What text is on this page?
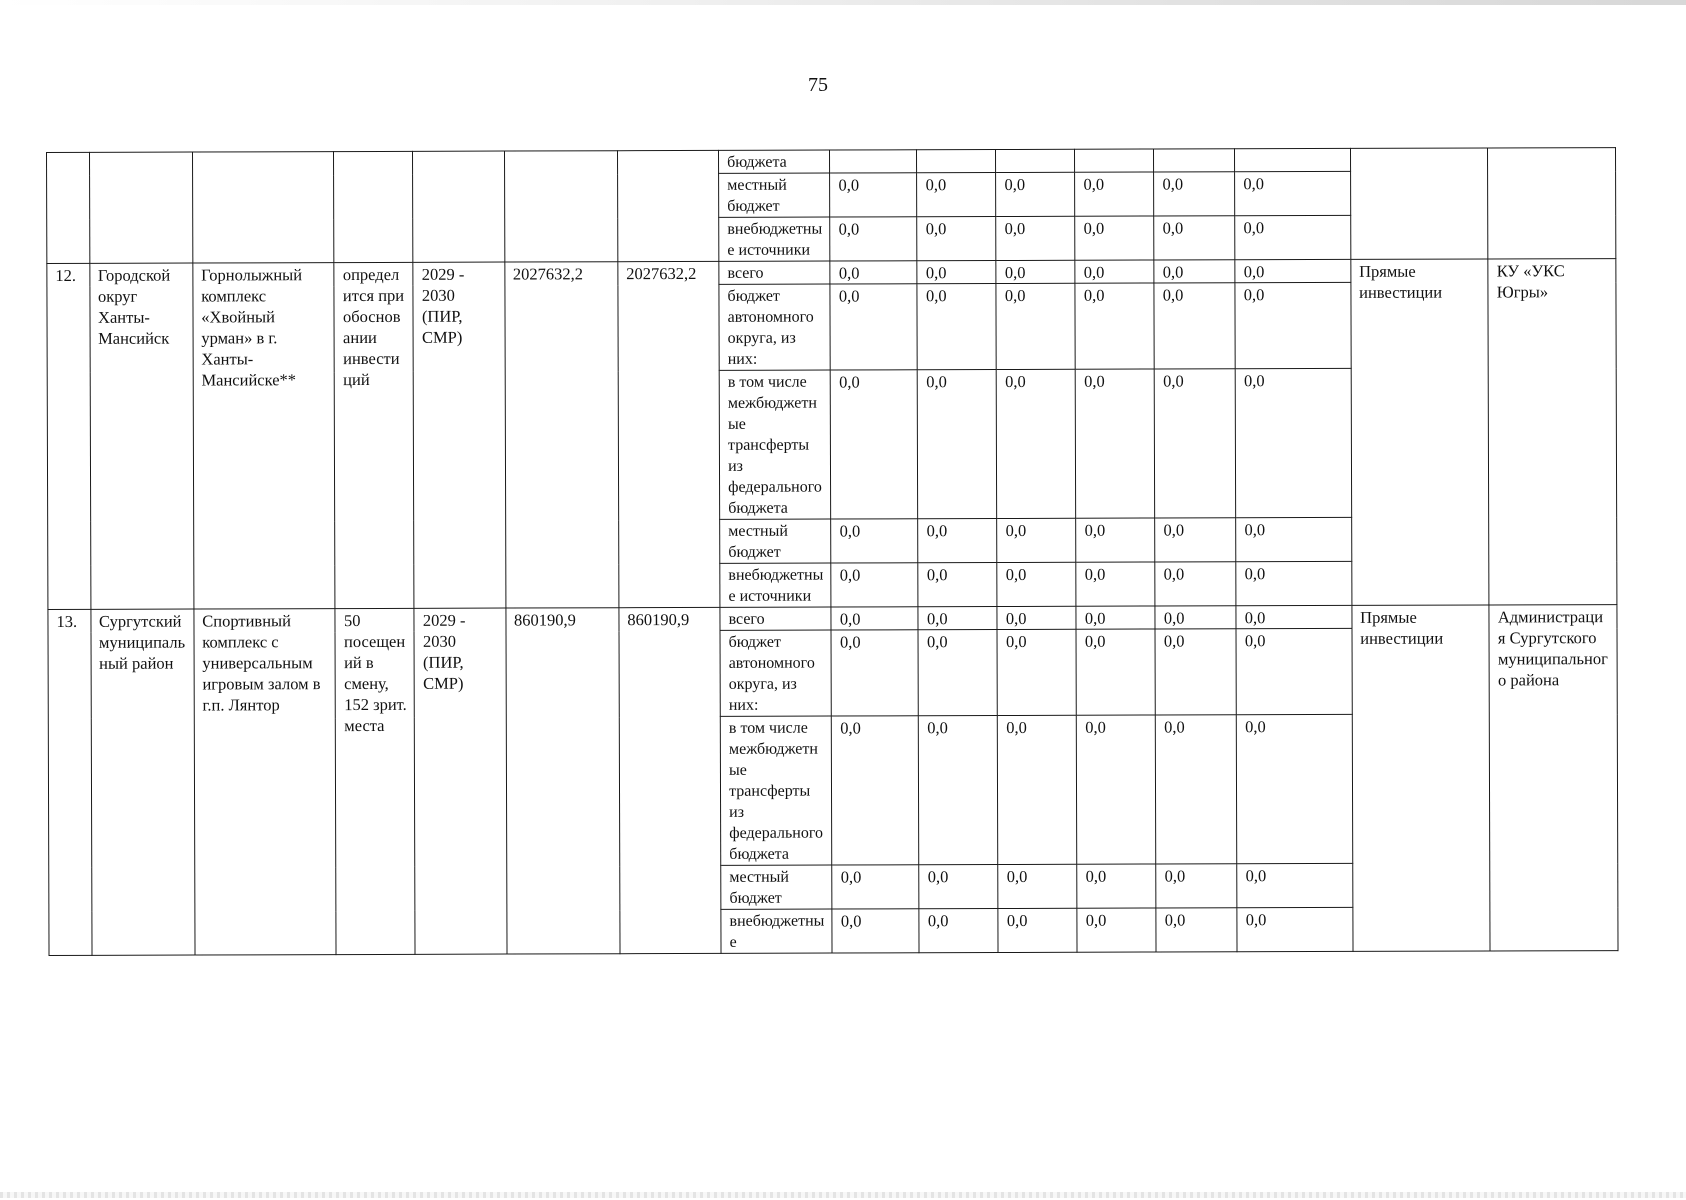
75
							бюджета								
							местный бюджет	0,0	0,0	0,0	0,0	0,0	0,0		
							внебюджетные источники	0,0	0,0	0,0	0,0	0,0	0,0		
12.	Городской округ Ханты-Мансийск	Горнолыжный комплекс «Хвойный урман» в г. Ханты-Мансийске**	определится при обосновании инвестиций	2029 - 2030 (ПИР, СМР)	2027632,2	2027632,2	всего	0,0	0,0	0,0	0,0	0,0	0,0	Прямые инвестиции	КУ «УКС Югры»
							бюджет автономного округа, из них:	0,0	0,0	0,0	0,0	0,0	0,0		
							в том числе межбюджетные трансферты из федерального бюджета	0,0	0,0	0,0	0,0	0,0	0,0		
							местный бюджет	0,0	0,0	0,0	0,0	0,0	0,0		
							внебюджетные источники	0,0	0,0	0,0	0,0	0,0	0,0		
13.	Сургутский муниципальный район	Спортивный комплекс с универсальным игровым залом в г.п. Лянтор	50 посещений в смену, 152 зрит. места	2029 - 2030 (ПИР, СМР)	860190,9	860190,9	всего	0,0	0,0	0,0	0,0	0,0	0,0	Прямые инвестиции	Администрация Сургутского муниципального района
							бюджет автономного округа, из них:	0,0	0,0	0,0	0,0	0,0	0,0		
							в том числе межбюджетные трансферты из федерального бюджета	0,0	0,0	0,0	0,0	0,0	0,0		
							местный бюджет	0,0	0,0	0,0	0,0	0,0	0,0		
							внебюджетные	0,0	0,0	0,0	0,0	0,0	0,0		
